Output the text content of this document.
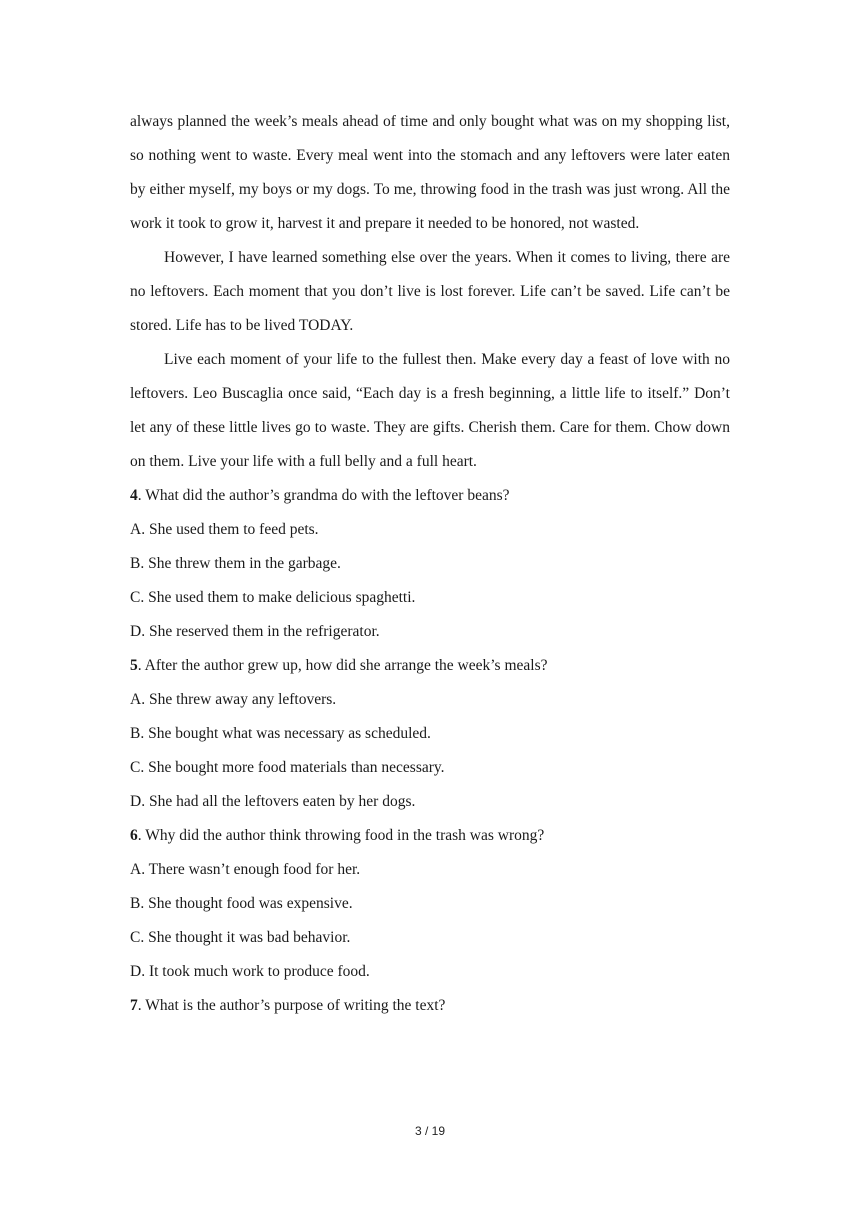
always planned the week’s meals ahead of time and only bought what was on my shopping list, so nothing went to waste. Every meal went into the stomach and any leftovers were later eaten by either myself, my boys or my dogs. To me, throwing food in the trash was just wrong. All the work it took to grow it, harvest it and prepare it needed to be honored, not wasted.

However, I have learned something else over the years. When it comes to living, there are no leftovers. Each moment that you don’t live is lost forever. Life can’t be saved. Life can’t be stored. Life has to be lived TODAY.

Live each moment of your life to the fullest then. Make every day a feast of love with no leftovers. Leo Buscaglia once said, “Each day is a fresh beginning, a little life to itself.” Don’t let any of these little lives go to waste. They are gifts. Cherish them. Care for them. Chow down on them. Live your life with a full belly and a full heart.

4. What did the author’s grandma do with the leftover beans?

A. She used them to feed pets.

B. She threw them in the garbage.

C. She used them to make delicious spaghetti.

D. She reserved them in the refrigerator.

5. After the author grew up, how did she arrange the week’s meals?

A. She threw away any leftovers.

B. She bought what was necessary as scheduled.

C. She bought more food materials than necessary.

D. She had all the leftovers eaten by her dogs.

6. Why did the author think throwing food in the trash was wrong?

A. There wasn’t enough food for her.

B. She thought food was expensive.

C. She thought it was bad behavior.

D. It took much work to produce food.

7. What is the author’s purpose of writing the text?

3 / 19
